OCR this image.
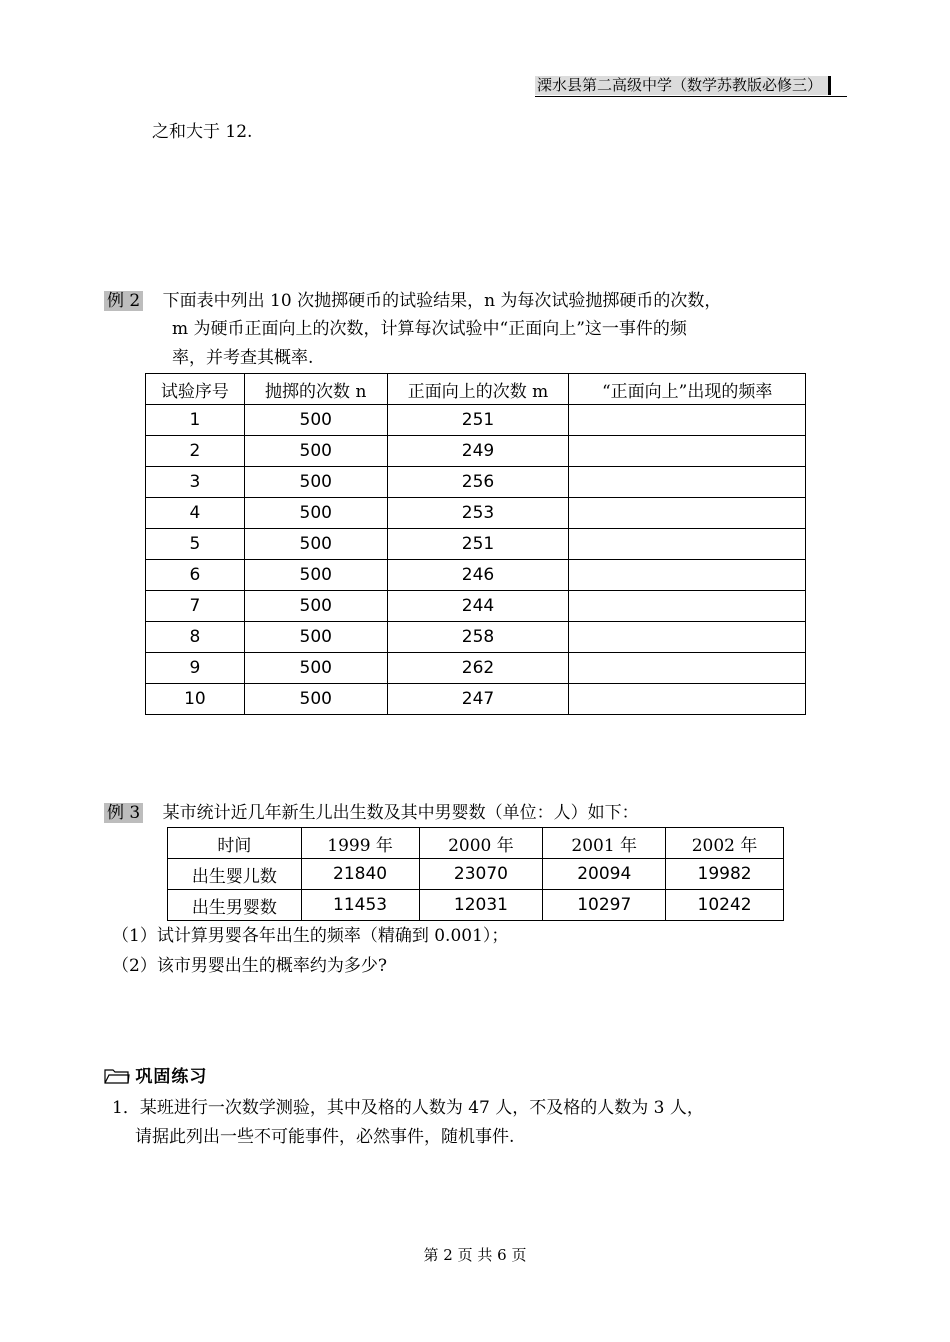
溧水县第二高级中学（数学苏教版必修三）
之和大于 12.
例 2 下面表中列出 10 次抛掷硬币的试验结果，n 为每次试验抛掷硬币的次数，
m 为硬币正面向上的次数，计算每次试验中“正面向上”这一事件的频
率，并考查其概率.
试验序号	抛掷的次数 n	正面向上的次数 m	“正面向上”出现的频率
1	500	251	
2	500	249	
3	500	256	
4	500	253	
5	500	251	
6	500	246	
7	500	244	
8	500	258	
9	500	262	
10	500	247	
例 3 某市统计近几年新生儿出生数及其中男婴数（单位：人）如下：
时间	1999 年	2000 年	2001 年	2002 年
出生婴儿数	21840	23070	20094	19982
出生男婴数	11453	12031	10297	10242
（1）试计算男婴各年出生的频率（精确到 0.001）；
（2）该市男婴出生的概率约为多少?
巩固练习
1．某班进行一次数学测验，其中及格的人数为 47 人，不及格的人数为 3 人，
请据此列出一些不可能事件，必然事件，随机事件.
第 2 页 共 6 页
